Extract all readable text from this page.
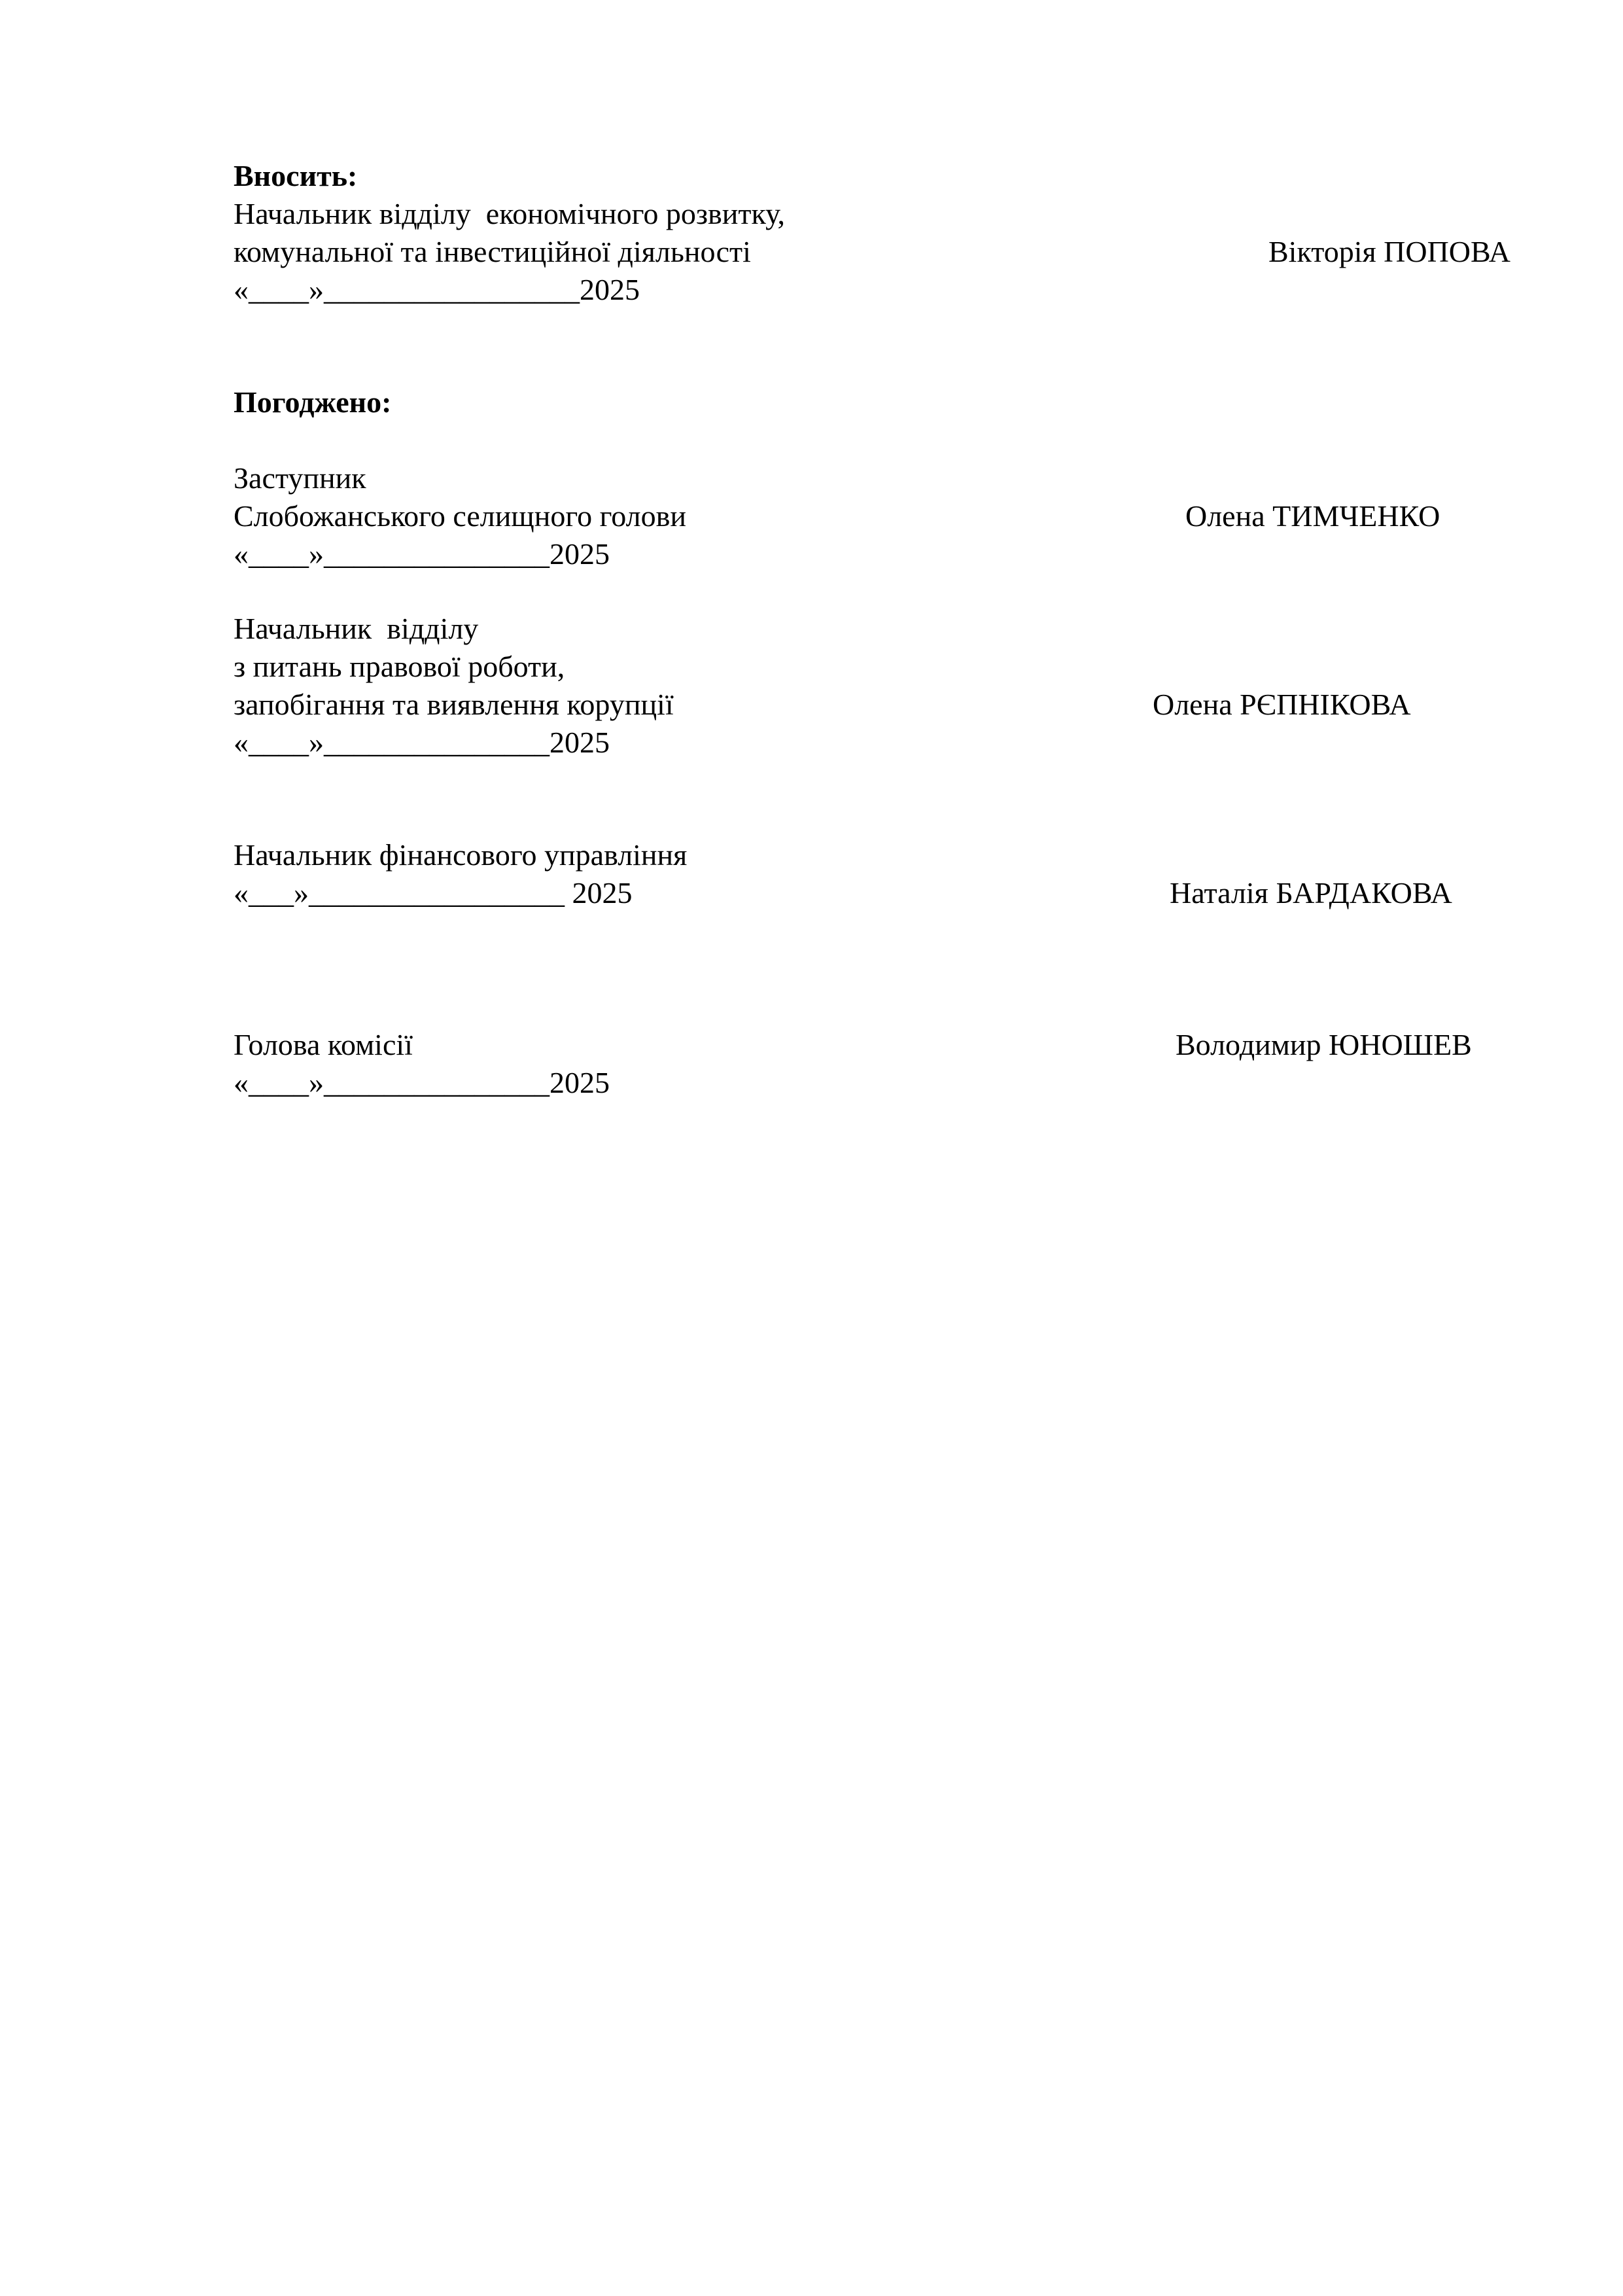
Вносить:
Начальник відділу  економічного розвитку,
комунальної та інвестиційної діяльності	Вікторія ПОПОВА
«____»_________________2025
Погоджено:
Заступник
Слобожанського селищного голови	Олена ТИМЧЕНКО
«____»_______________2025
Начальник  відділу
з питань правової роботи,
запобігання та виявлення корупції	Олена РЄПНІКОВА
«____»_______________2025
Начальник фінансового управління
«___»_________________ 2025	Наталія БАРДАКОВА
Голова комісії	Володимир ЮНОШЕВ
«____»_______________2025
